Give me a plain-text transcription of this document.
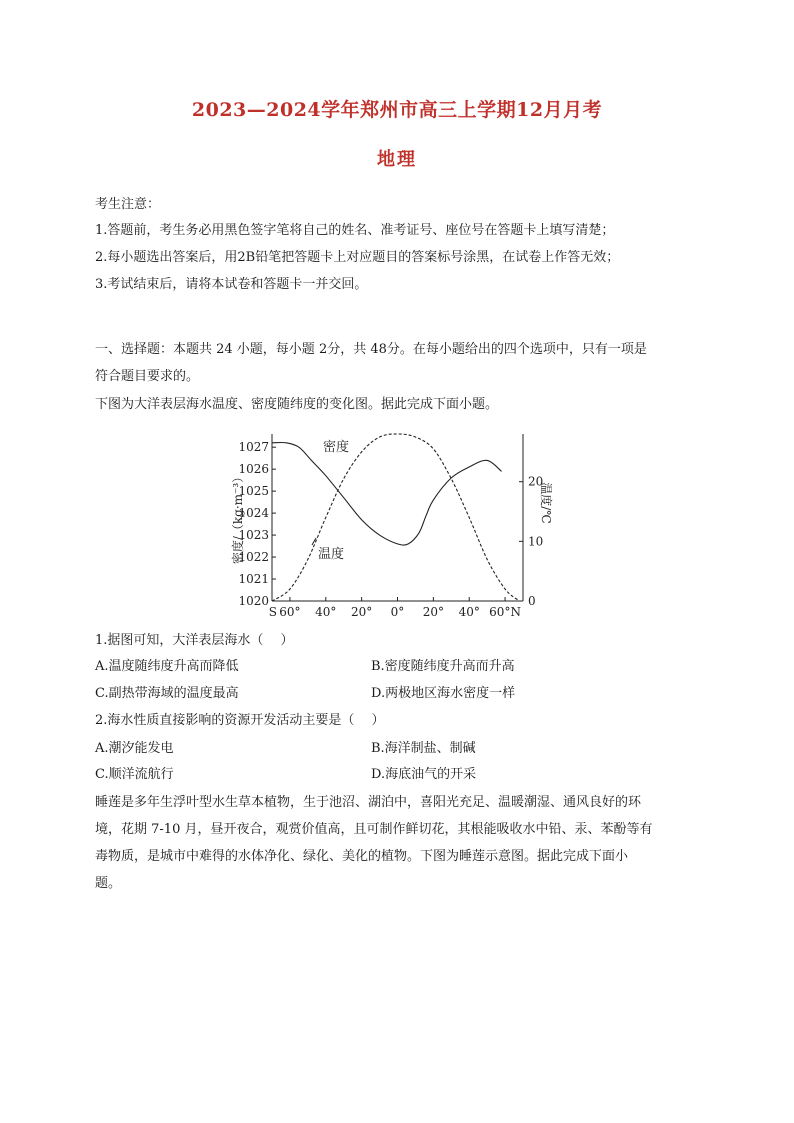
2023—2024学年郑州市高三上学期12月月考
地理
考生注意：
1.答题前，考生务必用黑色签字笔将自己的姓名、准考证号、座位号在答题卡上填写清楚；
2.每小题选出答案后，用2B铅笔把答题卡上对应题目的答案标号涂黑，在试卷上作答无效；
3.考试结束后，请将本试卷和答题卡一并交回。
一、选择题：本题共 24 小题，每小题 2分，共 48分。在每小题给出的四个选项中，只有一项是
符合题目要求的。
下图为大洋表层海水温度、密度随纬度的变化图。据此完成下面小题。
1020
1021
1022
1023
1024
1025
1026
1027
0
10
20
S 60° 40° 20° 0° 20° 40° 60°N
密度/（kg·m⁻³）	温度/℃
密度
温度
1.据图可知，大洋表层海水（　 ）
A.温度随纬度升高而降低	B.密度随纬度升高而升高
C.副热带海域的温度最高	D.两极地区海水密度一样
2.海水性质直接影响的资源开发活动主要是（　 ）
A.潮汐能发电	B.海洋制盐、制碱
C.顺洋流航行	D.海底油气的开采
睡莲是多年生浮叶型水生草本植物，生于池沼、湖泊中，喜阳光充足、温暖潮湿、通风良好的环
境，花期 7-10 月，昼开夜合，观赏价值高，且可制作鲜切花，其根能吸收水中铅、汞、苯酚等有
毒物质，是城市中难得的水体净化、绿化、美化的植物。下图为睡莲示意图。据此完成下面小
题。
